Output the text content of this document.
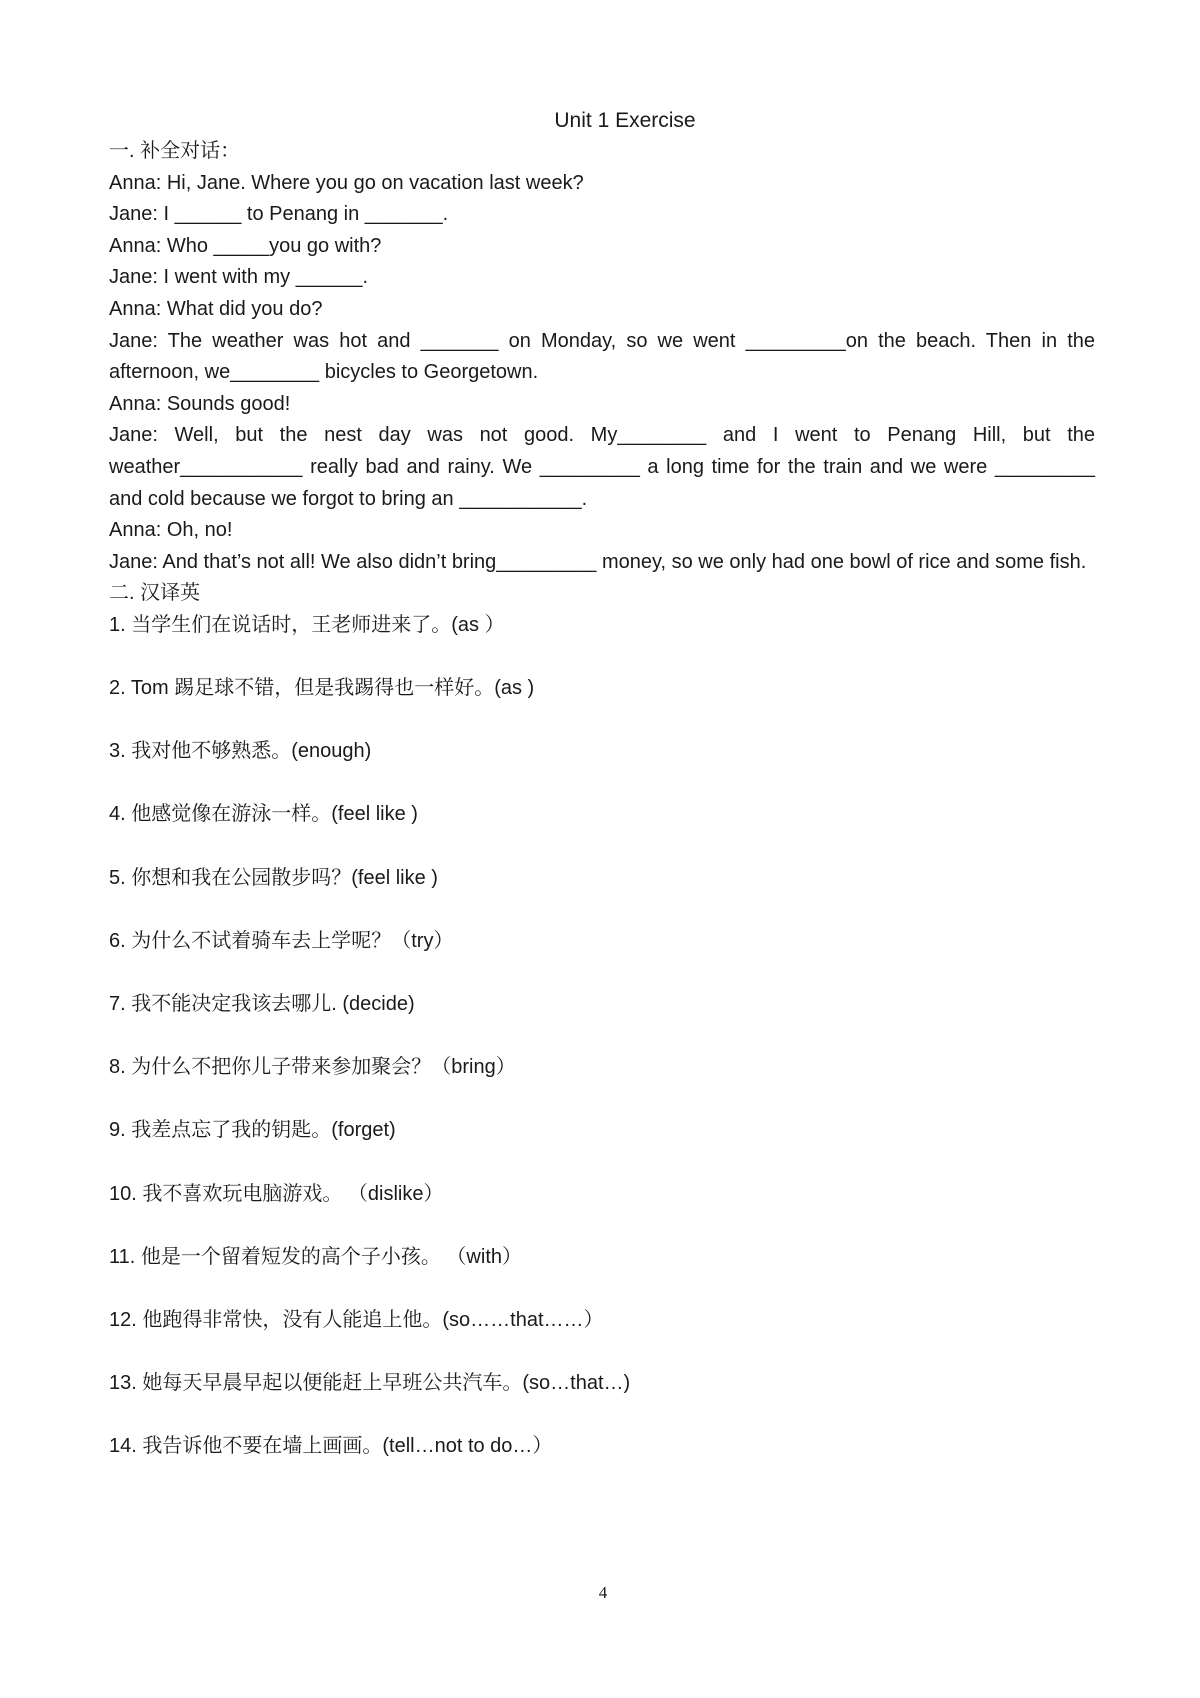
Unit 1 Exercise

一. 补全对话：

Anna: Hi, Jane. Where you go on vacation last week?

Jane: I ______ to Penang in _______.

Anna: Who _____you go with?

Jane: I went with my ______.

Anna: What did you do?

Jane: The weather was hot and _______ on Monday, so we went _________on the beach. Then in the afternoon, we________ bicycles to Georgetown.

Anna: Sounds good!

Jane: Well, but the nest day was not good. My________ and I went to Penang Hill, but the weather___________ really bad and rainy. We _________ a long time for the train and we were _________ and cold because we forgot to bring an ___________.

Anna: Oh, no!

Jane: And that’s not all! We also didn’t bring_________ money, so we only had one bowl of rice and some fish.

二. 汉译英

1. 当学生们在说话时，王老师进来了。(as ）
2. Tom 踢足球不错，但是我踢得也一样好。(as )
3. 我对他不够熟悉。(enough)
4. 他感觉像在游泳一样。(feel like )
5. 你想和我在公园散步吗？(feel like )
6. 为什么不试着骑车去上学呢？（try）
7. 我不能决定我该去哪儿. (decide)
8. 为什么不把你儿子带来参加聚会？（bring）
9. 我差点忘了我的钥匙。(forget)
10. 我不喜欢玩电脑游戏。 （dislike）
11. 他是一个留着短发的高个子小孩。 （with）
12. 他跑得非常快，没有人能追上他。(so……that……）
13. 她每天早晨早起以便能赶上早班公共汽车。(so…that…)
14. 我告诉他不要在墙上画画。(tell…not to do…）
4
